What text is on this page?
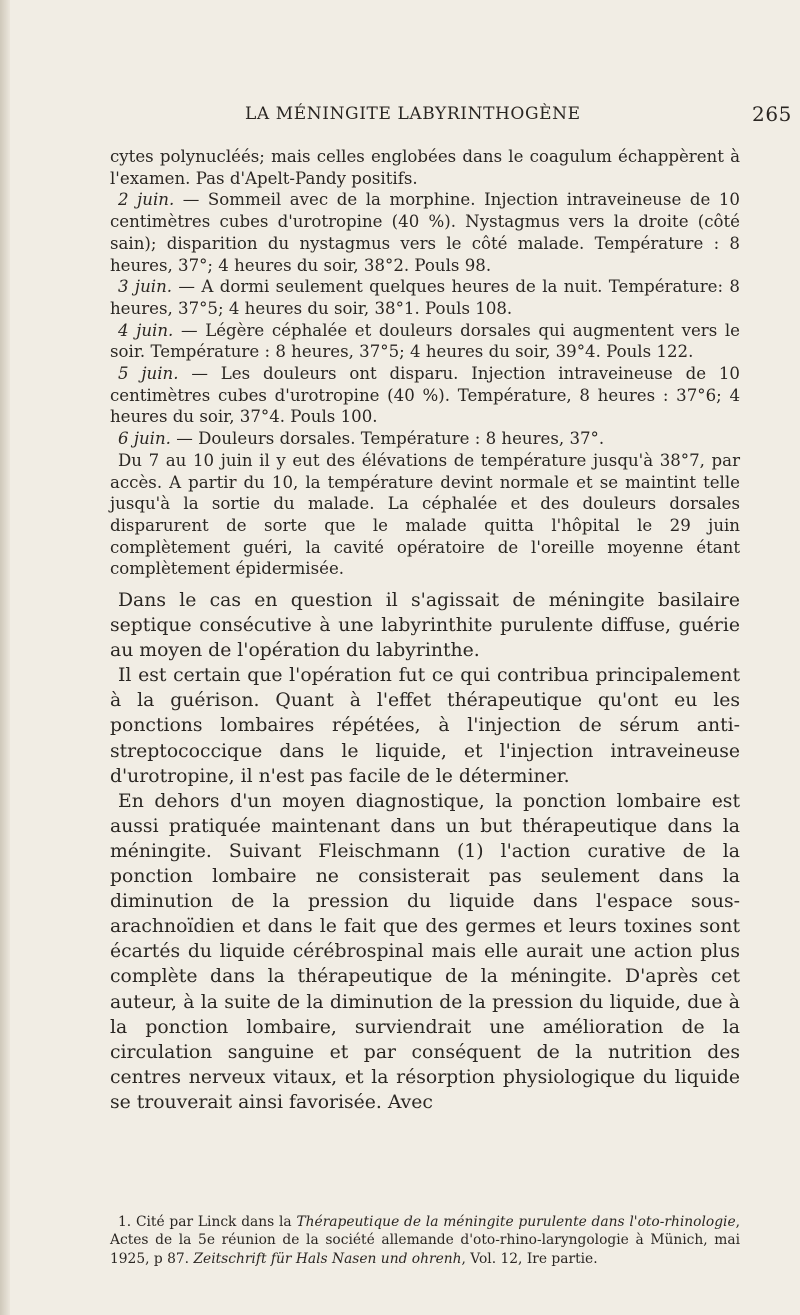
LA MÉNINGITE LABYRINTHOGÈNE	265

cytes polynucléés; mais celles englobées dans le coagulum échappèrent à l'examen. Pas d'Apelt-Pandy positifs.

2 juin. — Sommeil avec de la morphine. Injection intraveineuse de 10 centimètres cubes d'urotropine (40 %). Nystagmus vers la droite (côté sain); disparition du nystagmus vers le côté malade. Température : 8 heures, 37°; 4 heures du soir, 38°2. Pouls 98.

3 juin. — A dormi seulement quelques heures de la nuit. Température: 8 heures, 37°5; 4 heures du soir, 38°1. Pouls 108.

4 juin. — Légère céphalée et douleurs dorsales qui augmentent vers le soir. Température : 8 heures, 37°5; 4 heures du soir, 39°4. Pouls 122.

5 juin. — Les douleurs ont disparu. Injection intraveineuse de 10 centimètres cubes d'urotropine (40 %). Température, 8 heures : 37°6; 4 heures du soir, 37°4. Pouls 100.

6 juin. — Douleurs dorsales. Température : 8 heures, 37°.

Du 7 au 10 juin il y eut des élévations de température jusqu'à 38°7, par accès. A partir du 10, la température devint normale et se maintint telle jusqu'à la sortie du malade. La céphalée et des douleurs dorsales disparurent de sorte que le malade quitta l'hôpital le 29 juin complètement guéri, la cavité opératoire de l'oreille moyenne étant complètement épidermisée.

Dans le cas en question il s'agissait de méningite basilaire septique consécutive à une labyrinthite purulente diffuse, guérie au moyen de l'opération du labyrinthe.

Il est certain que l'opération fut ce qui contribua principalement à la guérison. Quant à l'effet thérapeutique qu'ont eu les ponctions lombaires répétées, à l'injection de sérum anti-streptococcique dans le liquide, et l'injection intraveineuse d'urotropine, il n'est pas facile de le déterminer.

En dehors d'un moyen diagnostique, la ponction lombaire est aussi pratiquée maintenant dans un but thérapeutique dans la méningite. Suivant Fleischmann (1) l'action curative de la ponction lombaire ne consisterait pas seulement dans la diminution de la pression du liquide dans l'espace sous-arachnoïdien et dans le fait que des germes et leurs toxines sont écartés du liquide cérébrospinal mais elle aurait une action plus complète dans la thérapeutique de la méningite. D'après cet auteur, à la suite de la diminution de la pression du liquide, due à la ponction lombaire, surviendrait une amélioration de la circulation sanguine et par conséquent de la nutrition des centres nerveux vitaux, et la résorption physiologique du liquide se trouverait ainsi favorisée. Avec

1. Cité par Linck dans la Thérapeutique de la méningite purulente dans l'oto-rhinologie, Actes de la 5e réunion de la société allemande d'oto-rhino-laryngologie à Münich, mai 1925, p 87. Zeitschrift für Hals Nasen und ohrenh, Vol. 12, Ire partie.
